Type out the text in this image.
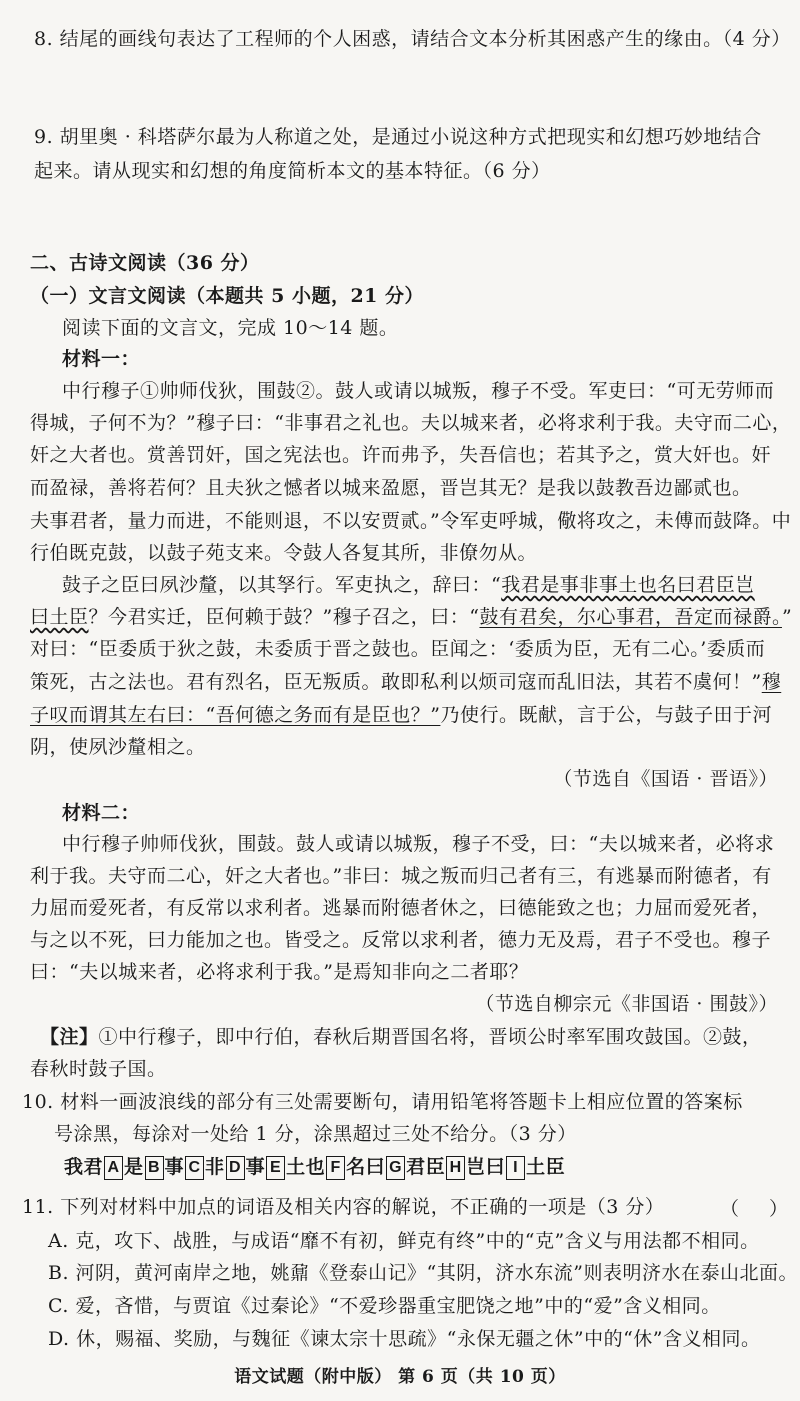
8. 结尾的画线句表达了工程师的个人困惑，请结合文本分析其困惑产生的缘由。（4 分）
9. 胡里奥 · 科塔萨尔最为人称道之处，是通过小说这种方式把现实和幻想巧妙地结合
起来。请从现实和幻想的角度简析本文的基本特征。（6 分）
二、古诗文阅读（36 分）
（一）文言文阅读（本题共 5 小题，21 分）
阅读下面的文言文，完成 10～14 题。
材料一：
中行穆子①帅师伐狄，围鼓②。鼓人或请以城叛，穆子不受。军吏曰：“可无劳师而
得城，子何不为？”穆子曰：“非事君之礼也。夫以城来者，必将求利于我。夫守而二心，
奸之大者也。赏善罚奸，国之宪法也。许而弗予，失吾信也；若其予之，赏大奸也。奸
而盈禄，善将若何？且夫狄之憾者以城来盈愿，晋岂其无？是我以鼓教吾边鄙贰也。
夫事君者，量力而进，不能则退，不以安贾贰。”令军吏呼城，儆将攻之，未傅而鼓降。中
行伯既克鼓，以鼓子苑支来。令鼓人各复其所，非僚勿从。
鼓子之臣曰夙沙釐，以其孥行。军吏执之，辞曰：“我君是事非事土也名曰君臣岂
曰土臣？今君实迁，臣何赖于鼓？”穆子召之，曰：“鼓有君矣，尔心事君，吾定而禄爵。”
对曰：“臣委质于狄之鼓，未委质于晋之鼓也。臣闻之：‘委质为臣，无有二心。’委质而
策死，古之法也。君有烈名，臣无叛质。敢即私利以烦司寇而乱旧法，其若不虞何！”穆
子叹而谓其左右曰：“吾何德之务而有是臣也？”乃使行。既献，言于公，与鼓子田于河
阴，使夙沙釐相之。
（节选自《国语 · 晋语》）
材料二：
中行穆子帅师伐狄，围鼓。鼓人或请以城叛，穆子不受，曰：“夫以城来者，必将求
利于我。夫守而二心，奸之大者也。”非曰：城之叛而归己者有三，有逃暴而附德者，有
力屈而爱死者，有反常以求利者。逃暴而附德者休之，曰德能致之也；力屈而爱死者，
与之以不死，曰力能加之也。皆受之。反常以求利者，德力无及焉，君子不受也。穆子
曰：“夫以城来者，必将求利于我。”是焉知非向之二者耶？
（节选自柳宗元《非国语 · 围鼓》）
【注】①中行穆子，即中行伯，春秋后期晋国名将，晋顷公时率军围攻鼓国。②鼓，
春秋时鼓子国。
10. 材料一画波浪线的部分有三处需要断句，请用铅笔将答题卡上相应位置的答案标
号涂黑，每涂对一处给 1 分，涂黑超过三处不给分。（3 分）
我君 A 是 B 事 C 非 D 事 E 土也 F 名曰 G 君臣 H 岂曰 I 土臣
11. 下列对材料中加点的词语及相关内容的解说，不正确的一项是（3 分）	（ ）
A. 克，攻下、战胜，与成语“靡不有初，鲜克有终”中的“克”含义与用法都不相同。
B. 河阴，黄河南岸之地，姚鼐《登泰山记》“其阴，济水东流”则表明济水在泰山北面。
C. 爱，吝惜，与贾谊《过秦论》“不爱珍器重宝肥饶之地”中的“爱”含义相同。
D. 休，赐福、奖励，与魏征《谏太宗十思疏》“永保无疆之休”中的“休”含义相同。
语文试题（附中版） 第 6 页（共 10 页）
